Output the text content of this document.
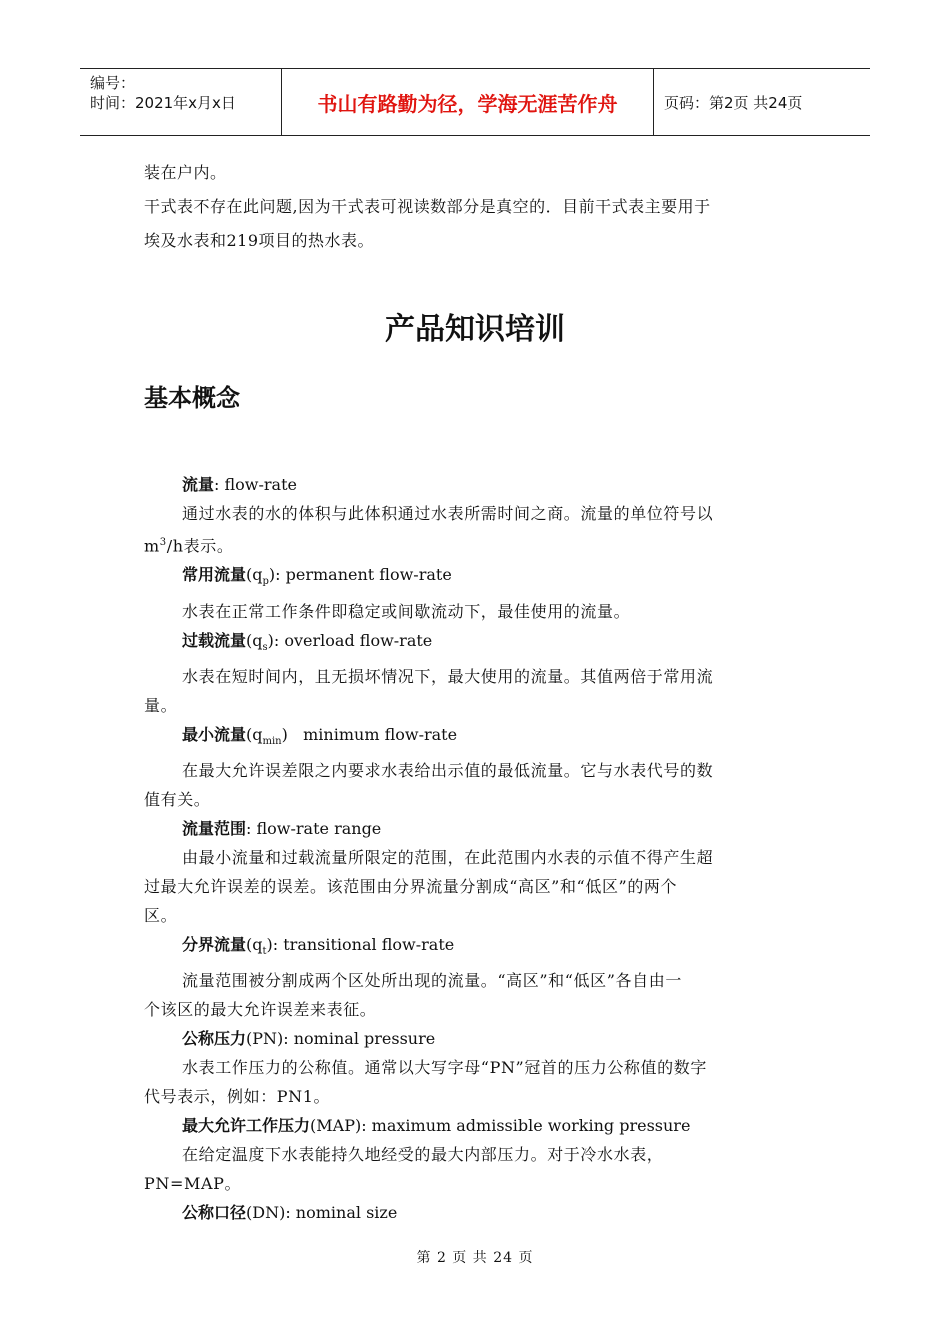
编号：
时间：2021年x月x日	书山有路勤为径，学海无涯苦作舟	页码：第2页 共24页

装在户内。

干式表不存在此问题,因为干式表可视读数部分是真空的．目前干式表主要用于

埃及水表和219项目的热水表。

产品知识培训
基本概念

流量: flow-rate

通过水表的水的体积与此体积通过水表所需时间之商。流量的单位符号以

$m^3/h$表示。

常用流量$(q_p)$: permanent flow-rate

水表在正常工作条件即稳定或间歇流动下，最佳使用的流量。

过载流量$(q_s)$: overload flow-rate

水表在短时间内，且无损坏情况下，最大使用的流量。其值两倍于常用流

量。

最小流量$(q_{min})$   minimum flow-rate

在最大允许误差限之内要求水表给出示值的最低流量。它与水表代号的数

值有关。

流量范围: flow-rate range

由最小流量和过载流量所限定的范围，在此范围内水表的示值不得产生超

过最大允许误差的误差。该范围由分界流量分割成“高区”和“低区”的两个

区。

分界流量$(q_t)$: transitional flow-rate

流量范围被分割成两个区处所出现的流量。“高区”和“低区”各自由一

个该区的最大允许误差来表征。

公称压力(PN): nominal pressure

水表工作压力的公称值。通常以大写字母“PN”冠首的压力公称值的数字

代号表示，例如：PN1。

最大允许工作压力(MAP): maximum admissible working pressure

在给定温度下水表能持久地经受的最大内部压力。对于冷水水表，

PN=MAP。

公称口径(DN): nominal size

第 2 页 共 24 页
